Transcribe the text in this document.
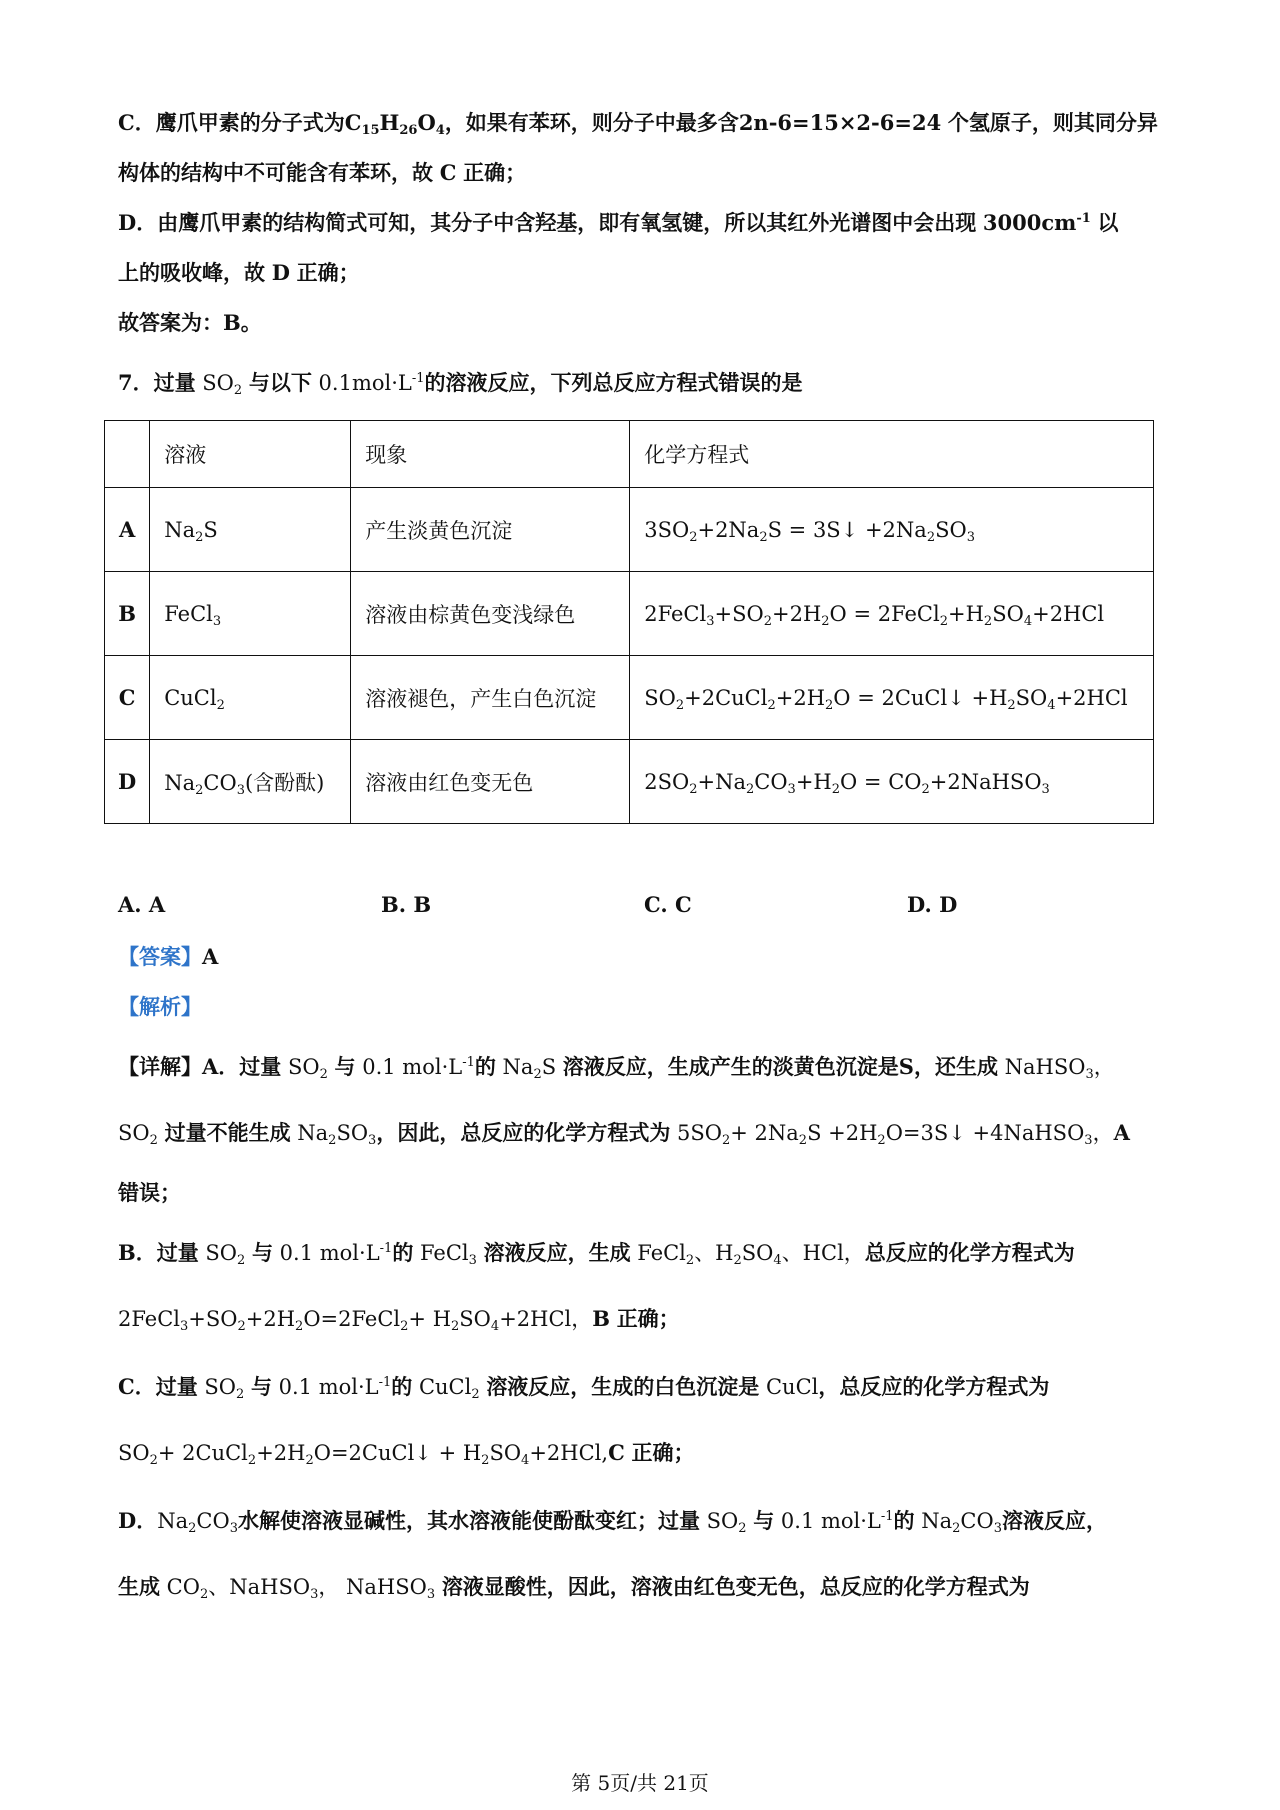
C．鹰爪甲素的分子式为$C_{15}H_{26}O_4$，如果有苯环，则分子中最多含2n-6=15×2-6=24 个氢原子，则其同分异
构体的结构中不可能含有苯环，故 C 正确；
D．由鹰爪甲素的结构简式可知，其分子中含羟基，即有氧氢键，所以其红外光谱图中会出现 $3000cm^{-1}$ 以
上的吸收峰，故 D 正确；
故答案为：B。
7．过量 $SO_2$ 与以下 $0.1mol\cdot L^{-1}$的溶液反应，下列总反应方程式错误的是
	溶液	现象	化学方程式
A	$Na_2S$	产生淡黄色沉淀	$3SO_2+2Na_2S$ = 3S↓ $+2Na_2SO_3$
B	FeCl$_3$	溶液由棕黄色变浅绿色	$2FeCl_3+SO_2+2H_2O$ = $2FeCl_2+H_2SO_4+2HCl$
C	CuCl$_2$	溶液褪色，产生白色沉淀	$SO_2+2CuCl_2+2H_2O$ = 2CuCl↓ $+H_2SO_4+2HCl$
D	$Na_2CO_3$(含酚酞)	溶液由红色变无色	$2SO_2+Na_2CO_3+H_2O$ = $CO_2+2NaHSO_3$
A. A	B. B	C. C	D. D
【答案】A
【解析】
【详解】A．过量 $SO_2$ 与 0.1 $mol\cdot L^{-1}$的 $Na_2S$ 溶液反应，生成产生的淡黄色沉淀是S，还生成 NaHSO$_3$，
$SO_2$ 过量不能生成 $Na_2SO_3$，因此，总反应的化学方程式为 $5SO_2+ 2Na_2S$ $+2H_2O=3S↓$ +4NaHSO$_3$，A
错误；
B．过量 $SO_2$ 与 0.1 $mol\cdot L^{-1}$的 FeCl$_3$ 溶液反应，生成 FeCl$_2$、$H_2SO_4$、HCl，总反应的化学方程式为
$2FeCl_3+SO_2+2H_2O=2FeCl_2+ H_2SO_4+2HCl$，B 正确；
C．过量 $SO_2$ 与 0.1 $mol\cdot L^{-1}$的 CuCl$_2$ 溶液反应，生成的白色沉淀是 CuCl，总反应的化学方程式为
$SO_2+$ $2CuCl_2+2H_2O=2CuCl↓ + H_2SO_4+2HCl,C$ 正确；
D．$Na_2CO_3$水解使溶液显碱性，其水溶液能使酚酞变红；过量 $SO_2$ 与 0.1 $mol\cdot L^{-1}$的 $Na_2CO_3$溶液反应，
生成 $CO_2$、NaHSO$_3$， NaHSO$_3$ 溶液显酸性，因此，溶液由红色变无色，总反应的化学方程式为
第 5页/共 21页
